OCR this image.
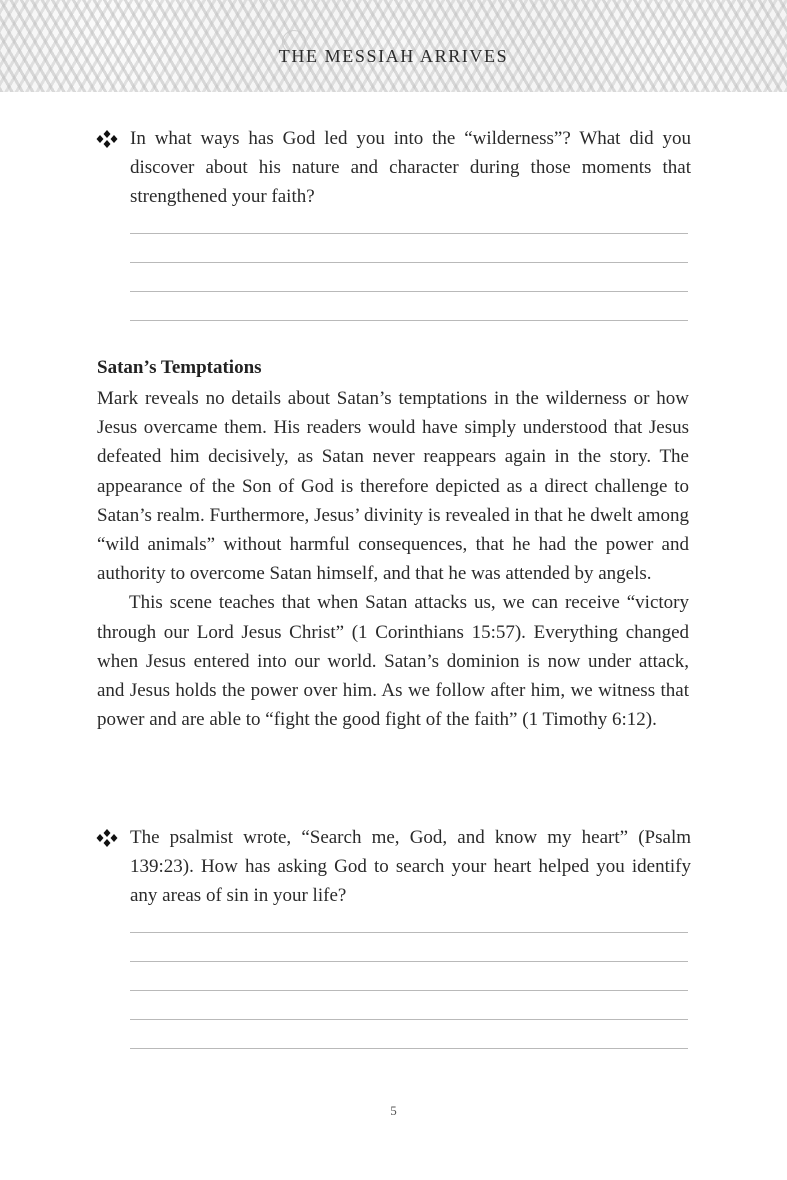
THE MESSIAH ARRIVES
In what ways has God led you into the “wilderness”? What did you discover about his nature and character during those moments that strengthened your faith?
Satan’s Temptations

Mark reveals no details about Satan’s temptations in the wilderness or how Jesus overcame them. His readers would have simply understood that Jesus defeated him decisively, as Satan never reappears again in the story. The appearance of the Son of God is therefore depicted as a direct challenge to Satan’s realm. Furthermore, Jesus’ divinity is revealed in that he dwelt among “wild animals” without harmful consequences, that he had the power and authority to overcome Satan himself, and that he was attended by angels.

This scene teaches that when Satan attacks us, we can receive “victory through our Lord Jesus Christ” (1 Corinthians 15:57). Everything changed when Jesus entered into our world. Satan’s dominion is now under attack, and Jesus holds the power over him. As we follow after him, we witness that power and are able to “fight the good fight of the faith” (1 Timothy 6:12).

The psalmist wrote, “Search me, God, and know my heart” (Psalm 139:23). How has asking God to search your heart helped you identify any areas of sin in your life?
5
